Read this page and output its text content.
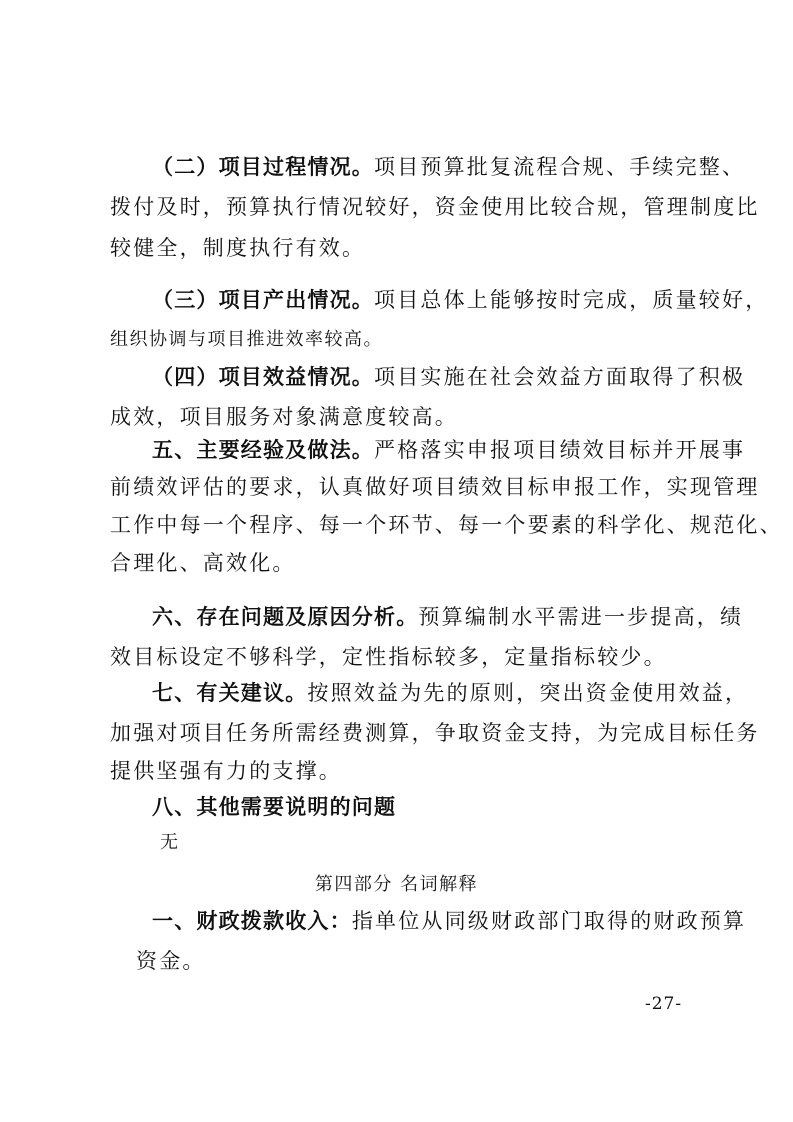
（二）项目过程情况。项目预算批复流程合规、手续完整、
拨付及时，预算执行情况较好，资金使用比较合规，管理制度比
较健全，制度执行有效。
（三）项目产出情况。项目总体上能够按时完成，质量较好，
组织协调与项目推进效率较高。
（四）项目效益情况。项目实施在社会效益方面取得了积极
成效，项目服务对象满意度较高。
五、主要经验及做法。严格落实申报项目绩效目标并开展事
前绩效评估的要求，认真做好项目绩效目标申报工作，实现管理
工作中每一个程序、每一个环节、每一个要素的科学化、规范化、
合理化、高效化。
六、存在问题及原因分析。预算编制水平需进一步提高，绩
效目标设定不够科学，定性指标较多，定量指标较少。
七、有关建议。按照效益为先的原则，突出资金使用效益，
加强对项目任务所需经费测算，争取资金支持，为完成目标任务
提供坚强有力的支撑。
八、其他需要说明的问题
无
第四部分 名词解释
一、财政拨款收入：指单位从同级财政部门取得的财政预算
资金。
-27-
